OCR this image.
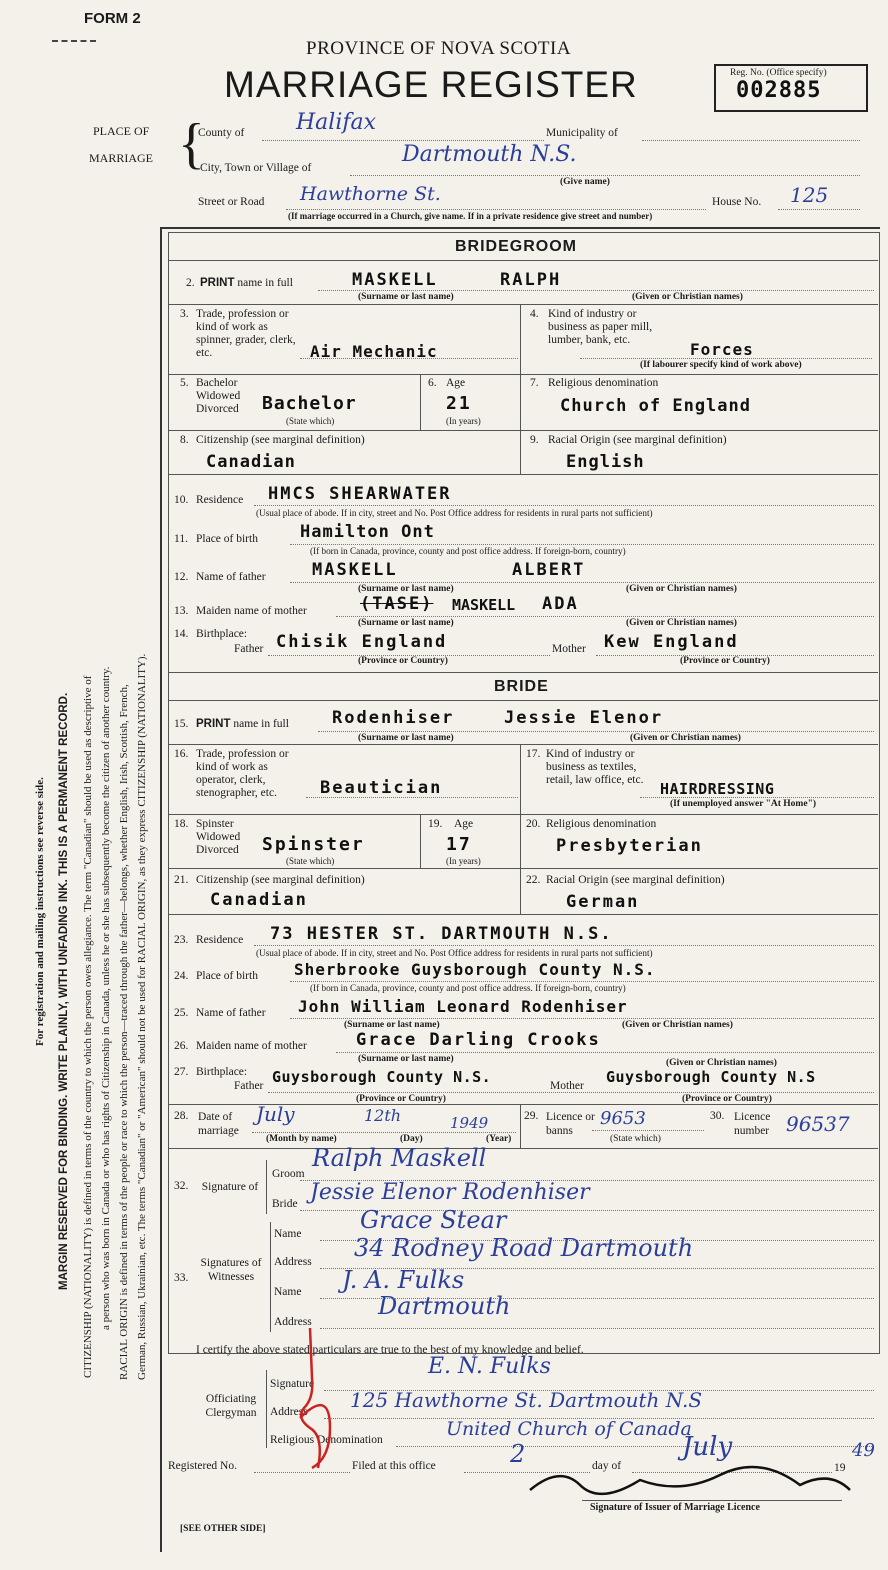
FORM 2
PROVINCE OF NOVA SCOTIA
MARRIAGE REGISTER	Reg. No. (Office specify)
002885
PLACE OF
MARRIAGE {
County of Halifax	Municipality of
City, Town or Village of
Dartmouth N.S.
(Give name)
Street or Road Hawthorne St.	House No. 125
(If marriage occurred in a Church, give name. If in a private residence give street and number)
For registration and mailing instructions see reverse side. MARGIN RESERVED FOR BINDING. WRITE PLAINLY, WITH UNFADING INK. THIS IS A PERMANENT RECORD. CITIZENSHIP (NATIONALITY) is defined in terms of the country to which the person owes allegiance. The term "Canadian" should be used as descriptive of a person who was born in Canada or who has rights of Citizenship in Canada, unless he or she has subsequently become the citizen of another country. RACIAL ORIGIN is defined in terms of the people or race to which the person—traced through the father—belongs, whether English, Irish, Scottish, French, German, Russian, Ukrainian, etc. The terms "Canadian" or "American" should not be used for RACIAL ORIGIN, as they express CITIZENSHIP (NATIONALITY).
BRIDEGROOM
2. PRINT name in full	MASKELL	RALPH
(Surname or last name)	(Given or Christian names)
3. Trade, profession or kind of work as spinner, grader, clerk, etc.	Air Mechanic
4. Kind of industry or business as paper mill, lumber, bank, etc.	Forces
(If labourer specify kind of work above)
5. Bachelor Widowed Divorced	Bachelor
(State which)
6. Age
21
(In years)
7. Religious denomination
Church of England
8. Citizenship (see marginal definition)
Canadian
9. Racial Origin (see marginal definition)
English
10. Residence HMCS SHEARWATER
(Usual place of abode. If in city, street and No. Post Office address for residents in rural parts not sufficient)
11. Place of birth Hamilton Ont
(If born in Canada, province, county and post office address. If foreign-born, country)
12. Name of father	MASKELL	ALBERT
(Surname or last name)	(Given or Christian names)
13. Maiden name of mother	(TASE) MASKELL ADA
(Surname or last name)	(Given or Christian names)
14. Birthplace:
Father Chisik England	Mother Kew England
(Province or Country)	(Province or Country)
BRIDE
15. PRINT name in full	Rodenhiser	Jessie Elenor
(Surname or last name)	(Given or Christian names)
16. Trade, profession or kind of work as operator, clerk, stenographer, etc.	Beautician
17. Kind of industry or business as textiles, retail, law office, etc.	HAIRDRESSING
(If unemployed answer "At Home")
18. Spinster Widowed Divorced	Spinster
(State which)
19. Age
17
(In years)
20. Religious denomination
Presbyterian
21. Citizenship (see marginal definition)
Canadian
22. Racial Origin (see marginal definition)
German
23. Residence 73 HESTER ST. DARTMOUTH N.S.
(Usual place of abode. If in city, street and No. Post Office address for residents in rural parts not sufficient)
24. Place of birth Sherbrooke Guysborough County N.S.
(If born in Canada, province, county and post office address. If foreign-born, country)
25. Name of father John William Leonard Rodenhiser
(Surname or last name)	(Given or Christian names)
26. Maiden name of mother	Grace Darling Crooks
(Surname or last name)	(Given or Christian names)
27. Birthplace:
Father Guysborough County N.S.	Mother Guysborough County N.S
(Province or Country)	(Province or Country)
28. Date of marriage
July	12th	1949
(Month by name)	(Day)	(Year)
29. Licence or banns
9653
(State which)
30. Licence number 96537
32. Signature of
Groom
Ralph Maskell
Bride Jessie Elenor Rodenhiser
33.
Signatures of Witnesses
Name Grace Stear
Address 34 Rodney Road Dartmouth
Name J. A. Fulks
Address
Dartmouth
I certify the above stated particulars are true to the best of my knowledge and belief.
Officiating Clergyman
Signature
E. N. Fulks
Address 125 Hawthorne St. Dartmouth N.S
Religious Denomination	United Church of Canada
Registered No.	Filed at this office	2	day of
July
19
49
Signature of Issuer of Marriage Licence
[SEE OTHER SIDE]
